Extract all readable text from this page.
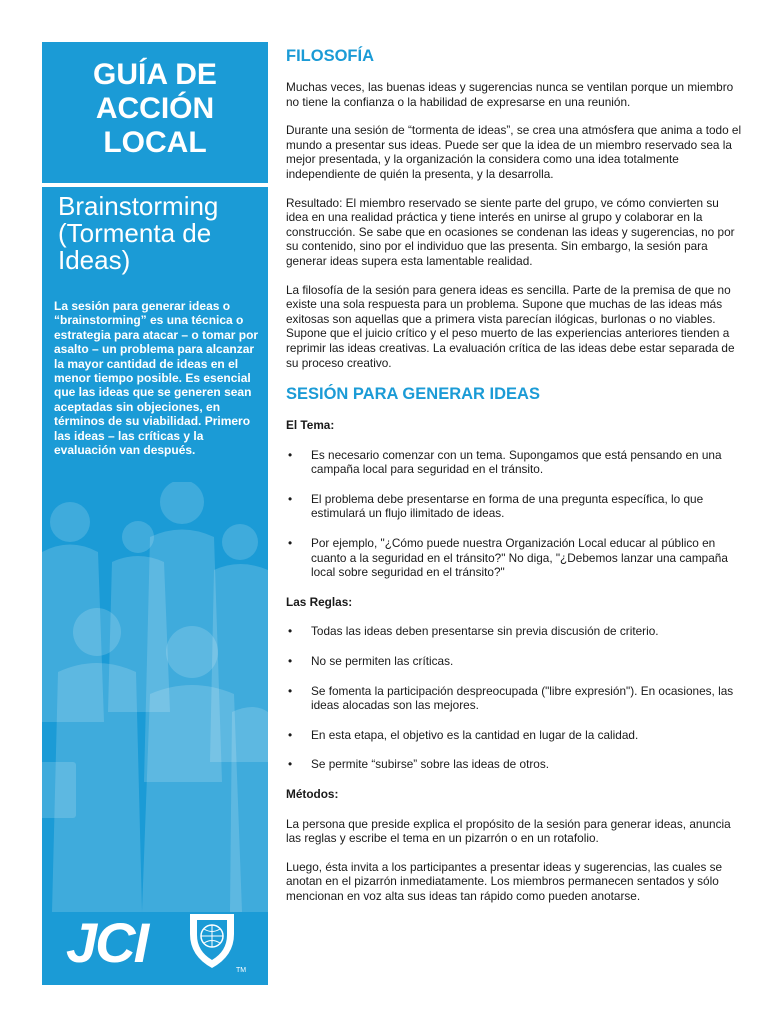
GUÍA DE
ACCIÓN
LOCAL
Brainstorming
(Tormenta de
Ideas)

La sesión para generar ideas o “brainstorming” es una técnica o estrategia para atacar – o tomar por asalto – un problema para alcanzar la mayor cantidad de ideas en el menor tiempo posible. Es esencial que las ideas que se generen sean aceptadas sin objeciones, en términos de su viabilidad. Primero las ideas – las críticas y la evaluación van después.

JCI	TM
FILOSOFÍA

Muchas veces, las buenas ideas y sugerencias nunca se ventilan porque un miembro no tiene la confianza o la habilidad de expresarse en una reunión.

Durante una sesión de “tormenta de ideas”, se crea una atmósfera que anima a todo el mundo a presentar sus ideas. Puede ser que la idea de un miembro reservado sea la mejor presentada, y la organización la considera como una idea totalmente independiente de quién la presenta, y la desarrolla.

Resultado: El miembro reservado se siente parte del grupo, ve cómo convierten su idea en una realidad práctica y tiene interés en unirse al grupo y colaborar en la construcción. Se sabe que en ocasiones se condenan las ideas y sugerencias, no por su contenido, sino por el individuo que las presenta. Sin embargo, la sesión para generar ideas supera esta lamentable realidad.

La filosofía de la sesión para genera ideas es sencilla. Parte de la premisa de que no existe una sola respuesta para un problema. Supone que muchas de las ideas más exitosas son aquellas que a primera vista parecían ilógicas, burlonas o no viables. Supone que el juicio crítico y el peso muerto de las experiencias anteriores tienden a reprimir las ideas creativas. La evaluación crítica de las ideas debe estar separada de su proceso creativo.

SESIÓN PARA GENERAR IDEAS
El Tema:
• Es necesario comenzar con un tema. Supongamos que está pensando en una campaña local para seguridad en el tránsito.
• El problema debe presentarse en forma de una pregunta específica, lo que estimulará un flujo ilimitado de ideas.
• Por ejemplo, "¿Cómo puede nuestra Organización Local educar al público en cuanto a la seguridad en el tránsito?" No diga, "¿Debemos lanzar una campaña local sobre seguridad en el tránsito?"
Las Reglas:
• Todas las ideas deben presentarse sin previa discusión de criterio.
• No se permiten las críticas.
• Se fomenta la participación despreocupada ("libre expresión"). En ocasiones, las ideas alocadas son las mejores.
• En esta etapa, el objetivo es la cantidad en lugar de la calidad.
• Se permite “subirse” sobre las ideas de otros.
Métodos:

La persona que preside explica el propósito de la sesión para generar ideas, anuncia las reglas y escribe el tema en un pizarrón o en un rotafolio.

Luego, ésta invita a los participantes a presentar ideas y sugerencias, las cuales se anotan en el pizarrón inmediatamente. Los miembros permanecen sentados y sólo mencionan en voz alta sus ideas tan rápido como pueden anotarse.
